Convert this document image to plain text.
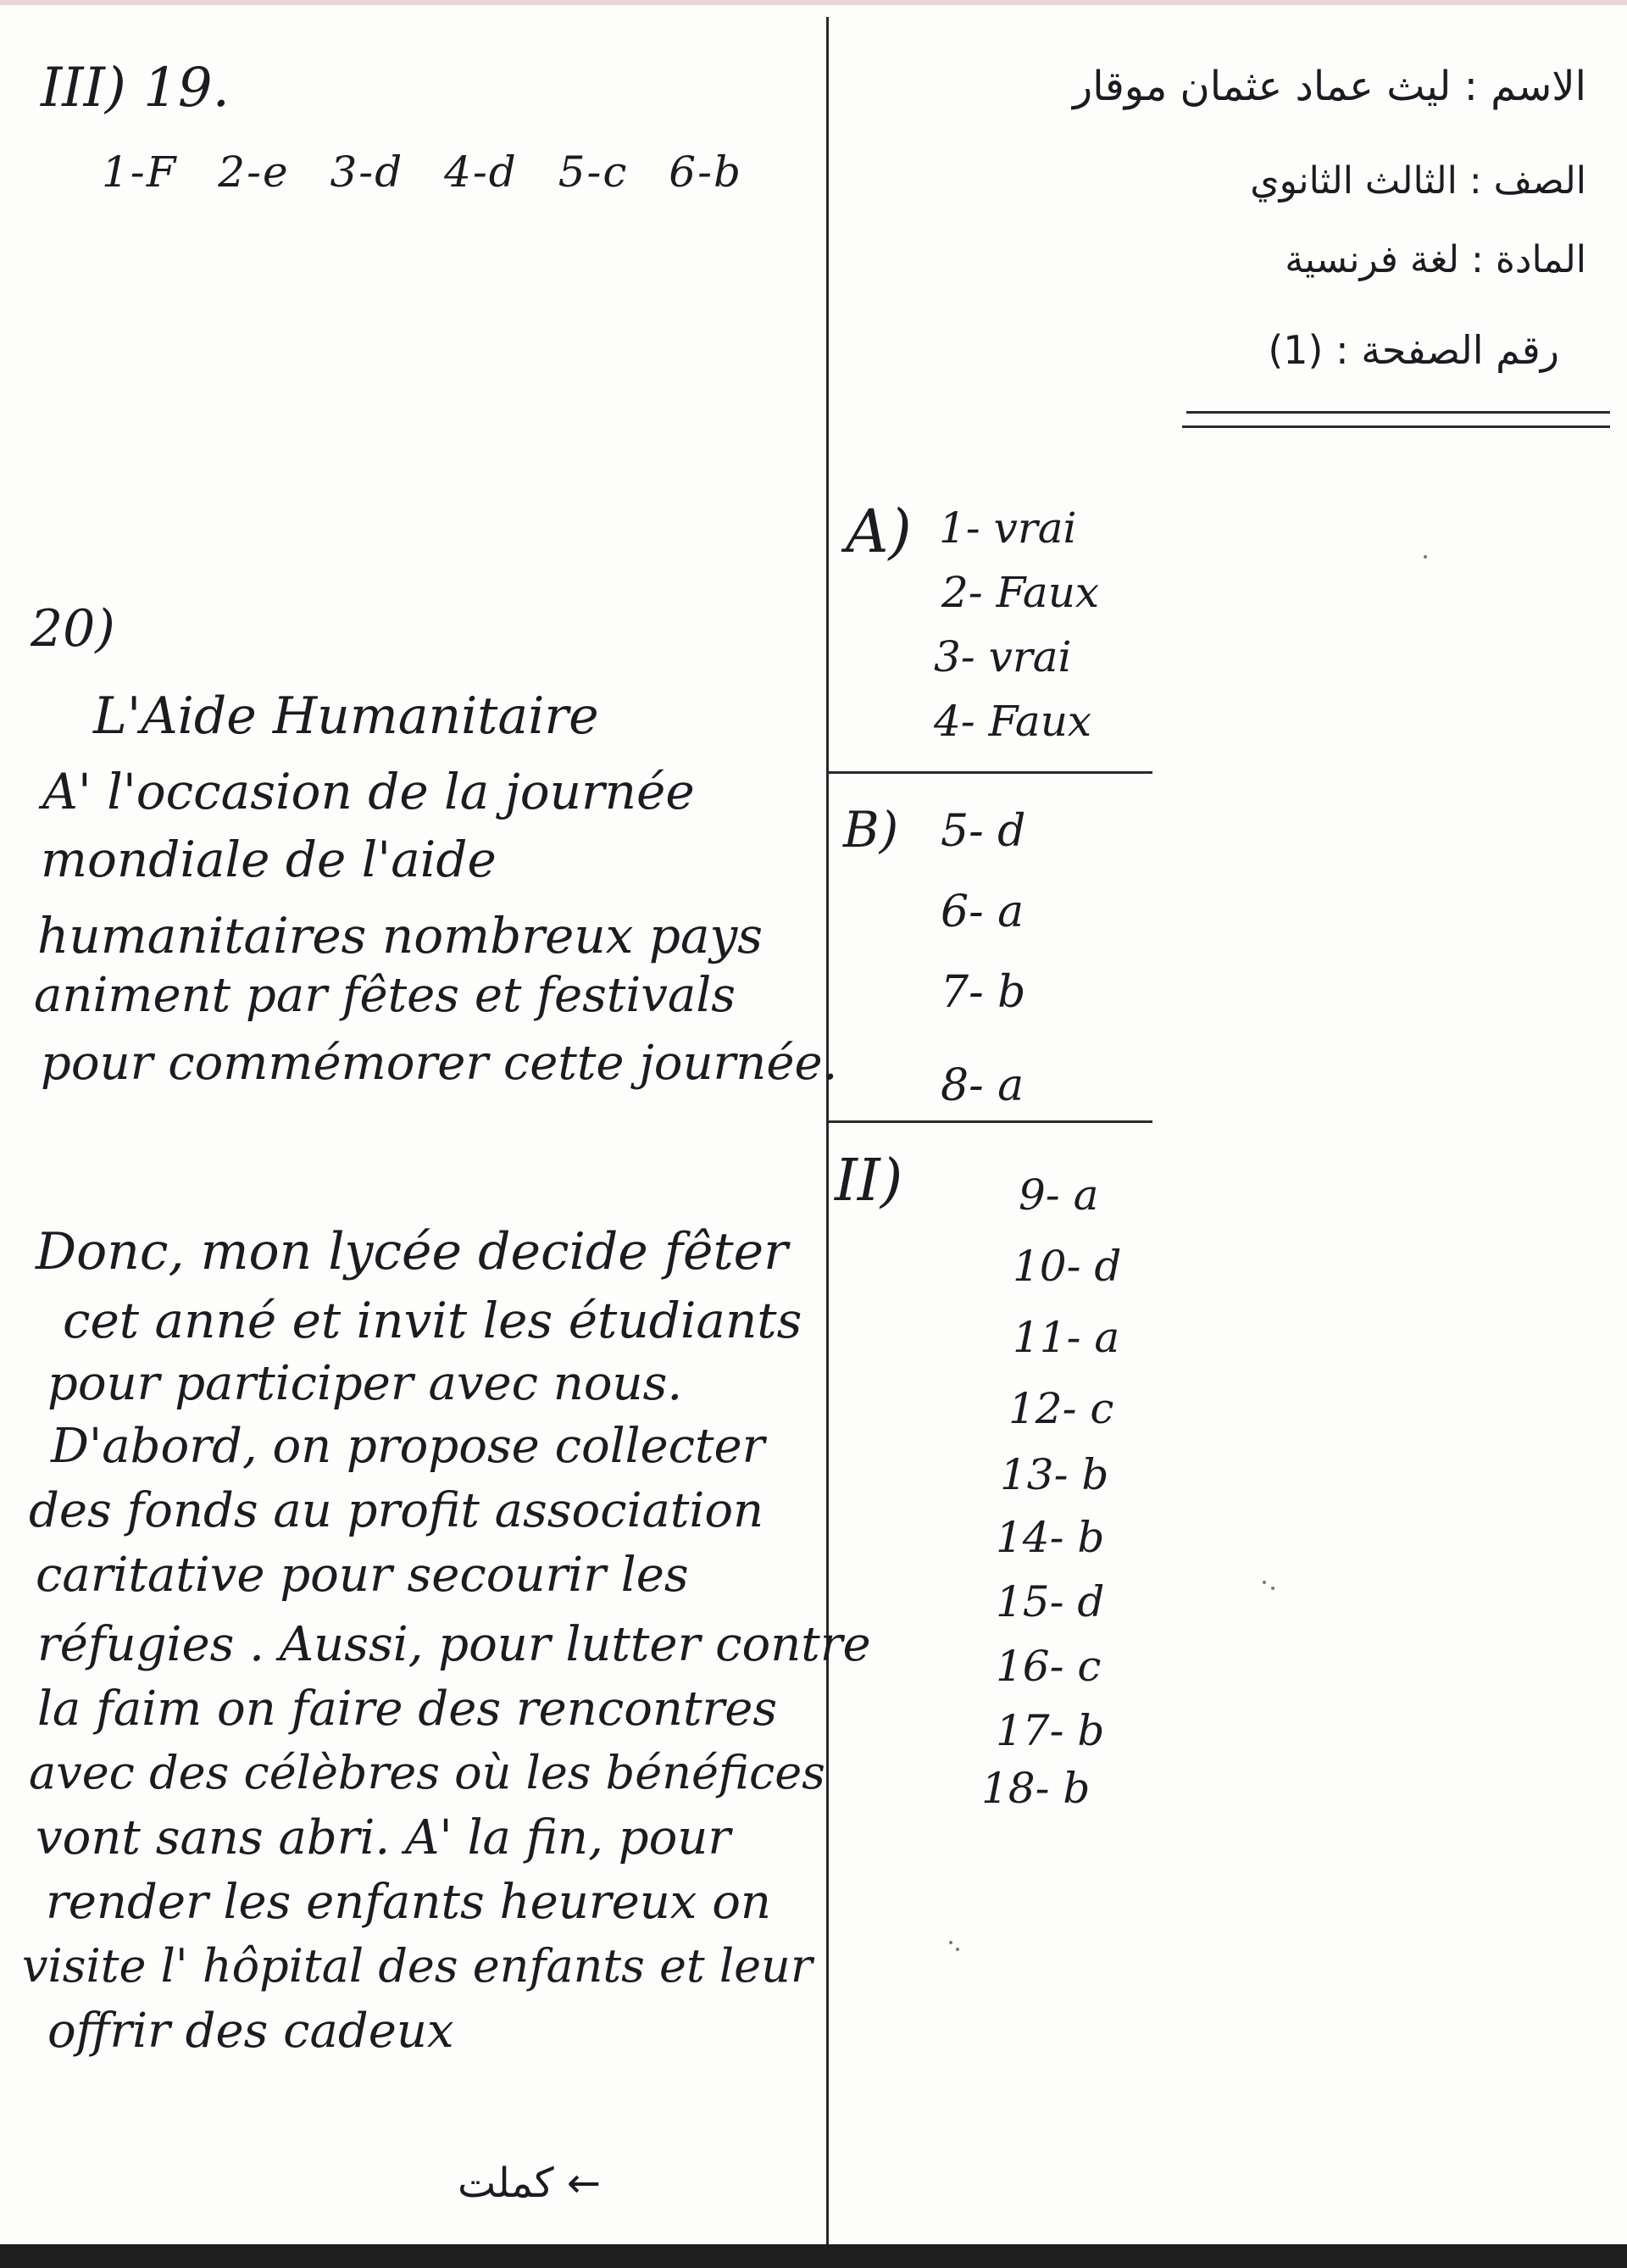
III) 19.
1-F 2-e 3-d 4-d 5-c 6-b
الاسم : ليث عماد عثمان موقار
الصف : الثالث الثانوي
المادة : لغة فرنسية
رقم الصفحة : (1)
A) 1- vrai
2- Faux
3- vrai
4- Faux
B) 5- d
6- a
7- b
8- a
II)	9- a
10- d
11- a
12- c
13- b
14- b
15- d
16- c
17- b
18- b
20)
L'Aide Humanitaire
A' l'occasion de la journée
mondiale de l'aide
humanitaires nombreux pays
animent par fêtes et festivals
pour commémorer cette journée.
Donc, mon lycée decide fêter
cet anné et invit les étudiants
pour participer avec nous.
D'abord, on propose collecter
des fonds au profit association
caritative pour secourir les
réfugies . Aussi, pour lutter contre
la faim on faire des rencontres
avec des célèbres où les bénéfices
vont sans abri. A' la fin, pour
render les enfants heureux on
visite l' hôpital des enfants et leur
offrir des cadeux
← كملت
